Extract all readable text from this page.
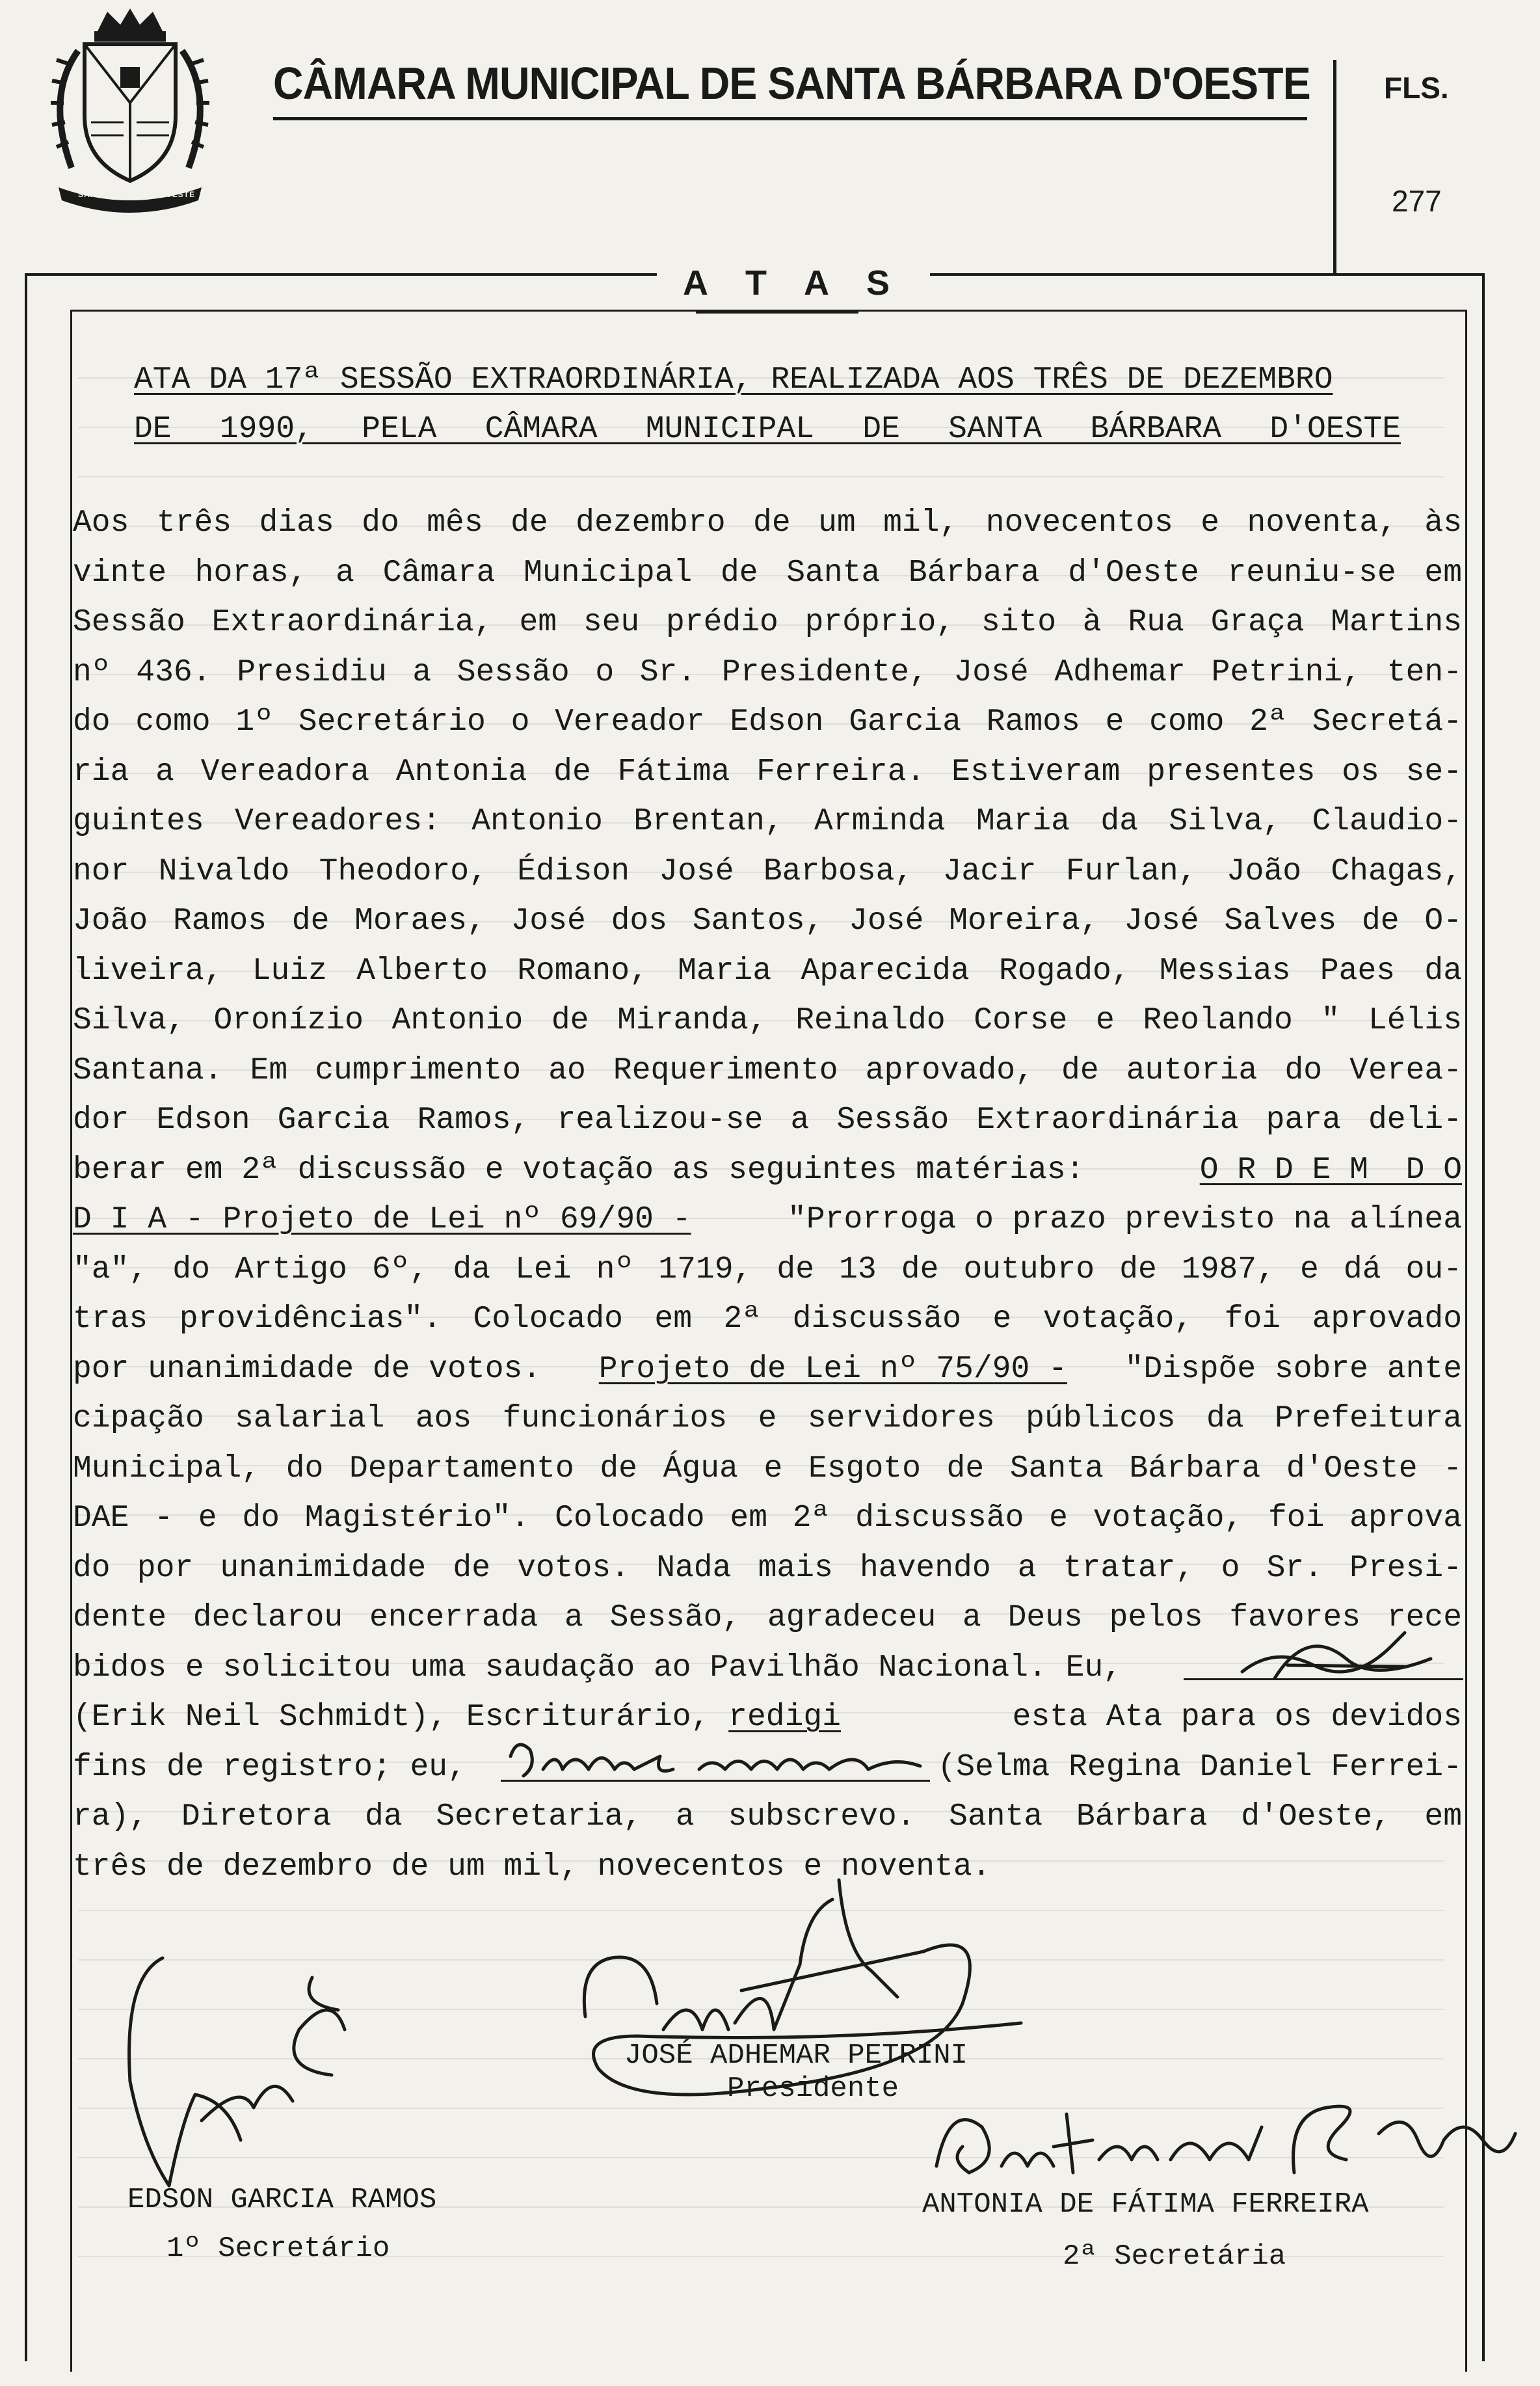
SANTA BÁRBARA D'OESTE
CÂMARA MUNICIPAL DE SANTA BÁRBARA D'OESTE FLS.
277
A T A S
ATA DA 17ª SESSÃO EXTRAORDINÁRIA, REALIZADA AOS TRÊS DE DEZEMBRO
DE 1990, PELA CÂMARA MUNICIPAL DE SANTA BÁRBARA D'OESTE
Aos três dias do mês de dezembro de um mil, novecentos e noventa, às
vinte horas, a Câmara Municipal de Santa Bárbara d'Oeste reuniu-se em
Sessão Extraordinária, em seu prédio próprio, sito à Rua Graça Martins
nº 436. Presidiu a Sessão o Sr. Presidente, José Adhemar Petrini, ten-
do como 1º Secretário o Vereador Edson Garcia Ramos e como 2ª Secretá-
ria a Vereadora Antonia de Fátima Ferreira. Estiveram presentes os se-
guintes Vereadores: Antonio Brentan, Arminda Maria da Silva, Claudio-
nor Nivaldo Theodoro, Édison José Barbosa, Jacir Furlan, João Chagas,
João Ramos de Moraes, José dos Santos, José Moreira, José Salves de O-
liveira, Luiz Alberto Romano, Maria Aparecida Rogado, Messias Paes da
Silva, Oronízio Antonio de Miranda, Reinaldo Corse e Reolando " Lélis
Santana. Em cumprimento ao Requerimento aprovado, de autoria do Verea-
dor Edson Garcia Ramos, realizou-se a Sessão Extraordinária para deli-
berar em 2ª discussão e votação as seguintes matérias:	O R D E M  D O
D I A - Projeto de Lei nº 69/90 - "Prorroga o prazo previsto na alínea
"a", do Artigo 6º, da Lei nº 1719, de 13 de outubro de 1987, e dá ou-
tras providências". Colocado em 2ª discussão e votação, foi aprovado
por unanimidade de votos. Projeto de Lei nº 75/90 - "Dispõe sobre ante
cipação salarial aos funcionários e servidores públicos da Prefeitura
Municipal, do Departamento de Água e Esgoto de Santa Bárbara d'Oeste -
DAE - e do Magistério". Colocado em 2ª discussão e votação, foi aprova
do por unanimidade de votos. Nada mais havendo a tratar, o Sr. Presi-
dente declarou encerrada a Sessão, agradeceu a Deus pelos favores rece
bidos e solicitou uma saudação ao Pavilhão Nacional. Eu,
(Erik Neil Schmidt), Escriturário, redigi	esta Ata para os devidos
fins de registro; eu,	(Selma Regina Daniel Ferrei-
ra), Diretora da Secretaria, a subscrevo. Santa Bárbara d'Oeste, em
três de dezembro de um mil, novecentos e noventa.
JOSÉ ADHEMAR PETRINI
Presidente
EDSON GARCIA RAMOS
1º Secretário
ANTONIA DE FÁTIMA FERREIRA
2ª Secretária
